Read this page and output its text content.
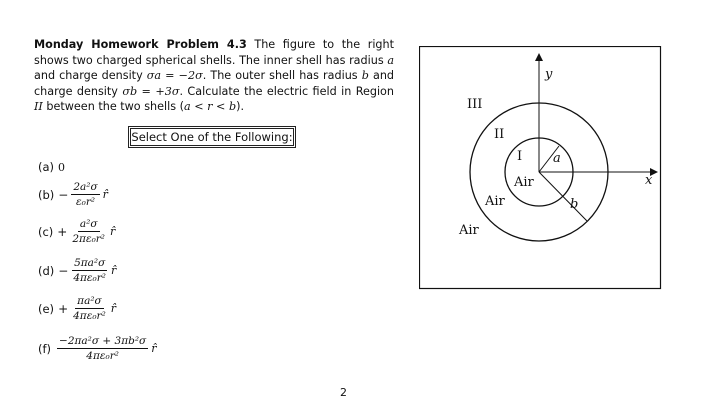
Monday Homework Problem 4.3 The figure to the right shows two charged spherical shells. The inner shell has radius a and charge density σa = −2σ. The outer shell has radius b and charge density σb = +3σ. Calculate the electric field in Region II between the two shells (a < r < b).
Select One of the Following:
(a) 0
$(b) - \frac{\text{2a²σ}}{\text{ε₀r²}}$ r̂
$(c) + \frac{\text{a²σ}}{\text{2πε₀r²}}$ r̂
$(d) - \frac{\text{5πa²σ}}{\text{4πε₀r²}}$ r̂
$(e) + \frac{\text{πa²σ}}{\text{4πε₀r²}}$ r̂
$(f) \frac{\text{−2πa²σ + 3πb²σ}}{\text{4πε₀r²}}$ r̂
y
x
III
II
I
Air
Air
Air
a
b
2
